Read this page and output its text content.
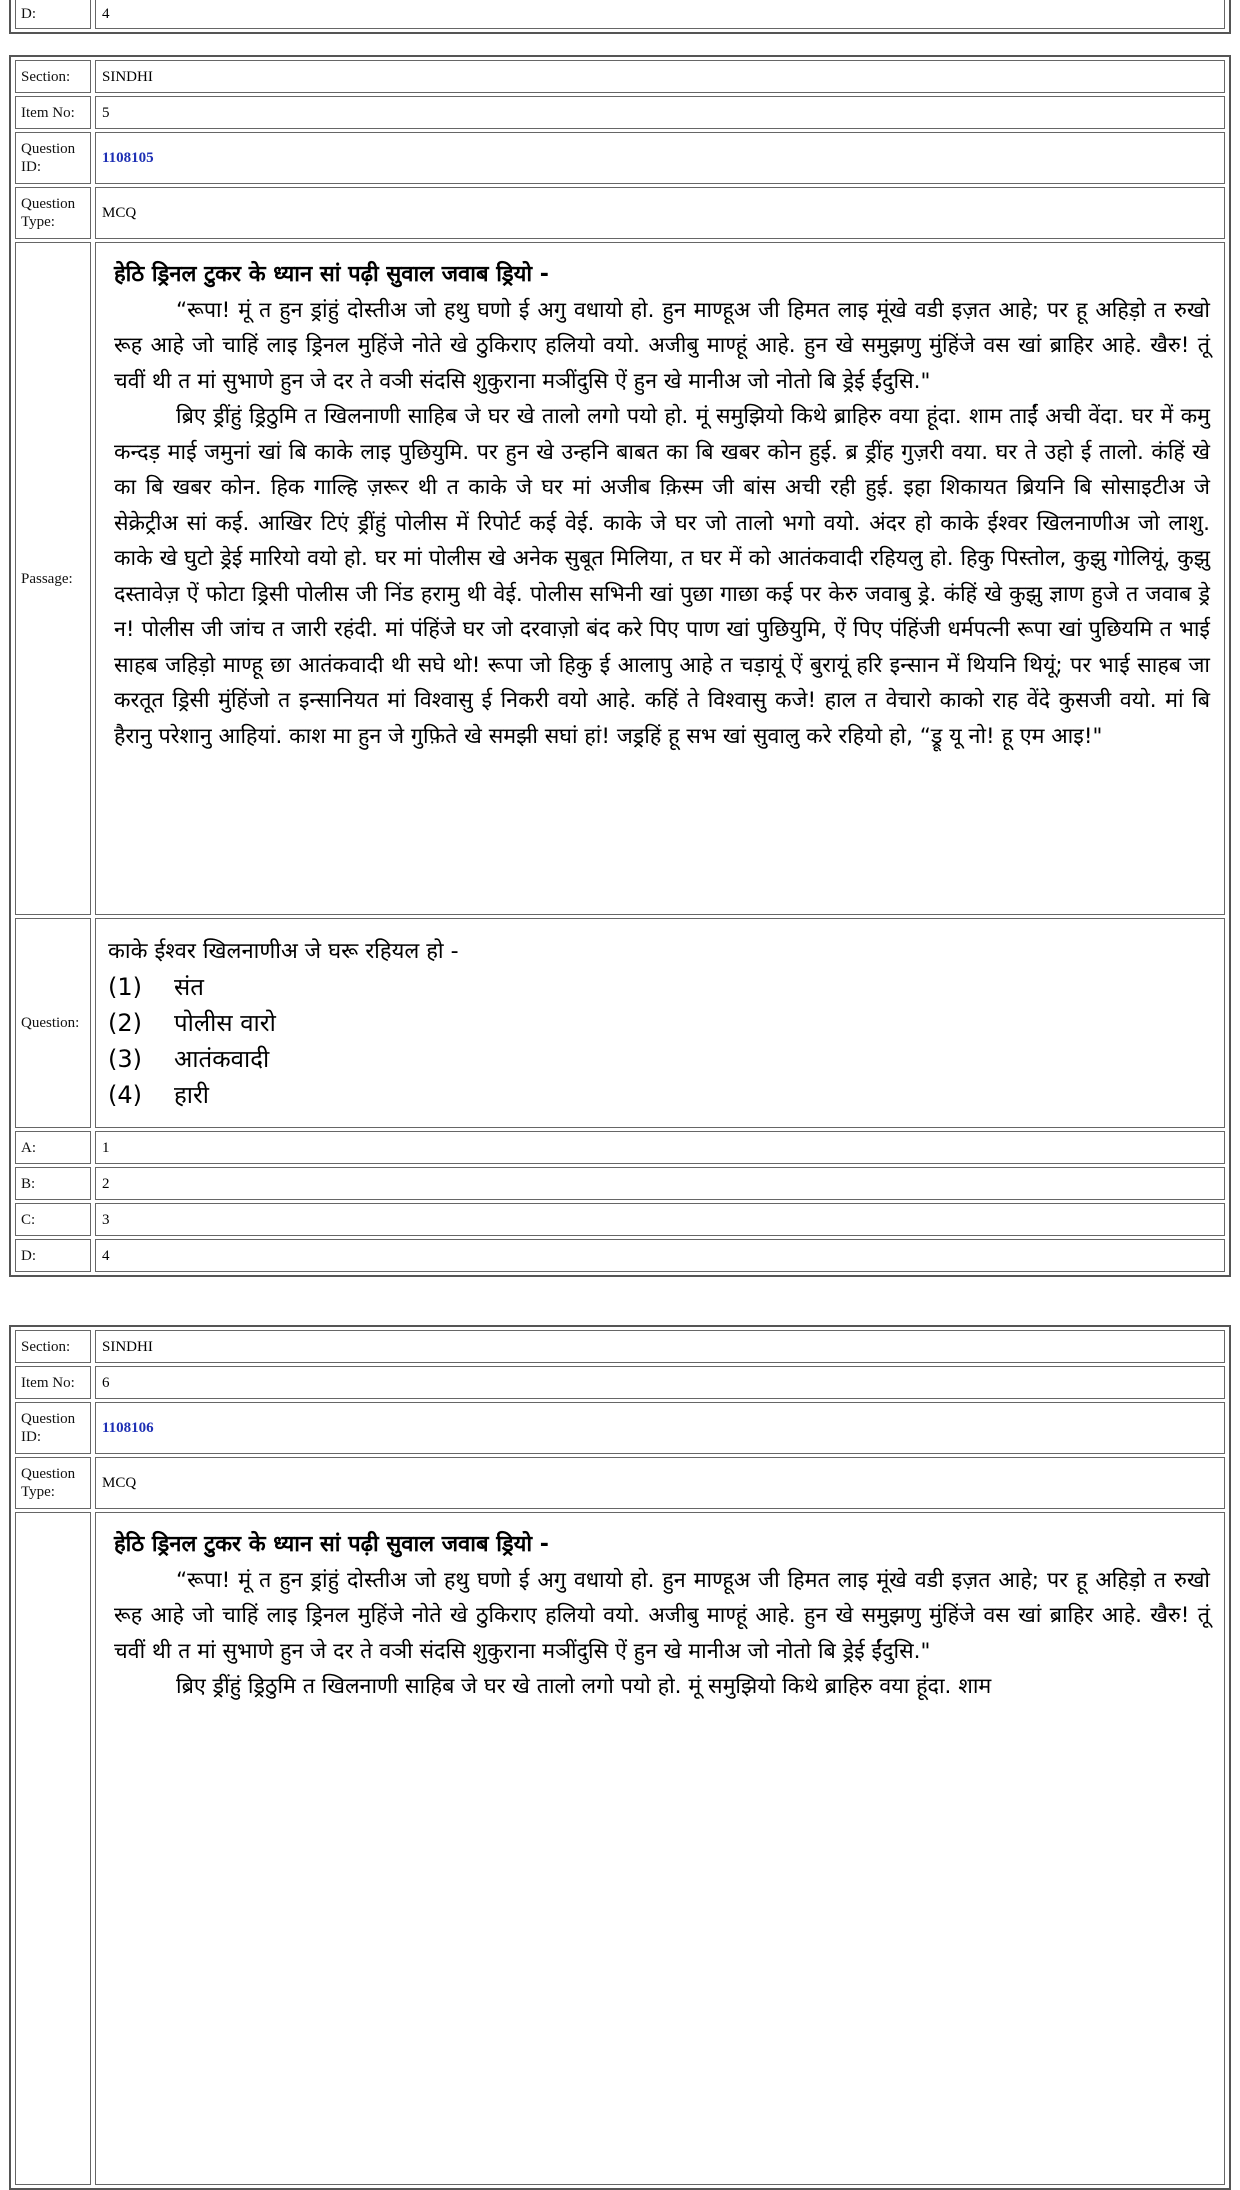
D:	4
Section:	SINDHI
Item No:	5
Question ID:
1108105
Question Type:
MCQ
Passage:
हेठि ड्रिनल टुकर के ध्यान सां पढ़ी सुवाल जवाब ड्रियो -

“रूपा! मूं त हुन ड्रांहुं दोस्तीअ जो हथु घणो ई अगु वधायो हो. हुन माण्हूअ जी हिमत लाइ मूंखे वडी इज़त आहे; पर हू अहिड़ो त रुखो रूह आहे जो चाहिं लाइ ड्रिनल मुहिंजे नोते खे ठुकिराए हलियो वयो. अजीबु माण्हूं आहे. हुन खे समुझणु मुंहिंजे वस खां ब्राहिर आहे. खैरु! तूं चवीं थी त मां सुभाणे हुन जे दर ते वञी संदसि शुकुराना मञींदुसि ऐं हुन खे मानीअ जो नोतो बि ड्रेई ईंदुसि."

ब्रिए ड्रींहुं ड्रिठुमि त खिलनाणी साहिब जे घर खे तालो लगो पयो हो. मूं समुझियो किथे ब्राहिरु वया हूंदा. शाम ताईं अची वेंदा. घर में कमु कन्दड़ माई जमुनां खां बि काके लाइ पुछियुमि. पर हुन खे उन्हनि बाबत का बि खबर कोन हुई. ब्र ड्रींह गुज़री वया. घर ते उहो ई तालो. कंहिं खे का बि खबर कोन. हिक गाल्हि ज़रूर थी त काके जे घर मां अजीब क़िस्म जी बांस अची रही हुई. इहा शिकायत ब्रियनि बि सोसाइटीअ जे सेक्रेट्रीअ सां कई. आखिर टिएं ड्रींहुं पोलीस में रिपोर्ट कई वेई. काके जे घर जो तालो भगो वयो. अंदर हो काके ईश्वर खिलनाणीअ जो लाशु. काके खे घुटो ड्रेई मारियो वयो हो. घर मां पोलीस खे अनेक सुबूत मिलिया, त घर में को आतंकवादी रहियलु हो. हिकु पिस्तोल, कुझु गोलियूं, कुझु दस्तावेज़ ऐं फोटा ड्रिसी पोलीस जी निंड हरामु थी वेई. पोलीस सभिनी खां पुछा गाछा कई पर केरु जवाबु ड्रे. कंहिं खे कुझु ज्ञाण हुजे त जवाब ड्रे न! पोलीस जी जांच त जारी रहंदी. मां पंहिंजे घर जो दरवाज़ो बंद करे पिए पाण खां पुछियुमि, ऐं पिए पंहिंजी धर्मपत्नी रूपा खां पुछियमि त भाई साहब जहिड़ो माण्हू छा आतंकवादी थी सघे थो! रूपा जो हिकु ई आलापु आहे त चड़ायूं ऐं बुरायूं हरि इन्सान में थियनि थियूं; पर भाई साहब जा करतूत ड्रिसी मुंहिंजो त इन्सानियत मां विश्वासु ई निकरी वयो आहे. कहिं ते विश्वासु कजे! हाल त वेचारो काको राह वेंदे कुसजी वयो. मां बि हैरानु परेशानु आहियां. काश मा हुन जे गुफ़िते खे समझी सघां हां! जड्रहिं हू सभ खां सुवालु करे रहियो हो, “ड्रू यू नो! हू एम आइ!"

Question:
काके ईश्वर खिलनाणीअ जे घरू रहियल हो -
(1)	संत
(2)	पोलीस वारो
(3)	आतंकवादी
(4)	हारी
A:	1
B:	2
C:	3
D:	4
Section:	SINDHI
Item No:	6
Question ID:
1108106
Question Type:
MCQ
हेठि ड्रिनल टुकर के ध्यान सां पढ़ी सुवाल जवाब ड्रियो -

“रूपा! मूं त हुन ड्रांहुं दोस्तीअ जो हथु घणो ई अगु वधायो हो. हुन माण्हूअ जी हिमत लाइ मूंखे वडी इज़त आहे; पर हू अहिड़ो त रुखो रूह आहे जो चाहिं लाइ ड्रिनल मुहिंजे नोते खे ठुकिराए हलियो वयो. अजीबु माण्हूं आहे. हुन खे समुझणु मुंहिंजे वस खां ब्राहिर आहे. खैरु! तूं चवीं थी त मां सुभाणे हुन जे दर ते वञी संदसि शुकुराना मञींदुसि ऐं हुन खे मानीअ जो नोतो बि ड्रेई ईंदुसि."

ब्रिए ड्रींहुं ड्रिठुमि त खिलनाणी साहिब जे घर खे तालो लगो पयो हो. मूं समुझियो किथे ब्राहिरु वया हूंदा. शाम
